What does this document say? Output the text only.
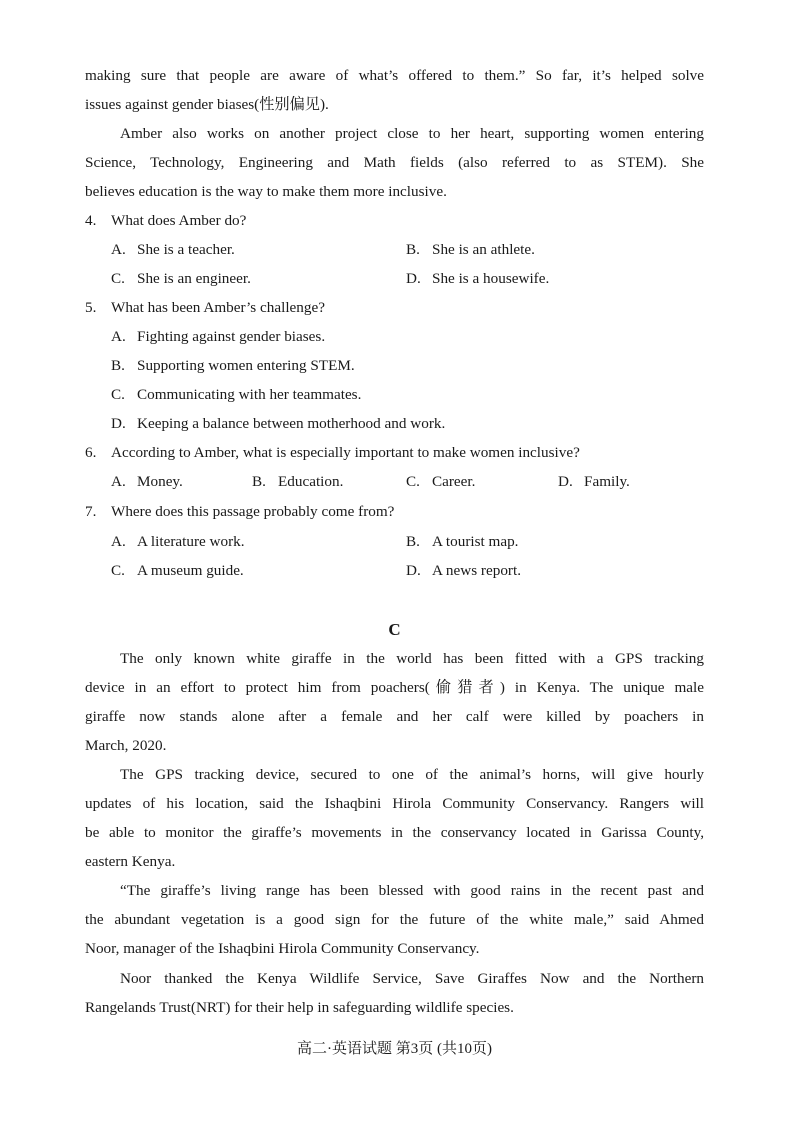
making sure that people are aware of what’s offered to them.” So far, it’s helped solve
issues against gender biases(性别偏见).
Amber also works on another project close to her heart, supporting women entering
Science, Technology, Engineering and Math fields (also referred to as STEM). She
believes education is the way to make them more inclusive.
4. What does Amber do?
A. She is a teacher.	B. She is an athlete.
C. She is an engineer.	D. She is a housewife.
5. What has been Amber’s challenge?
A. Fighting against gender biases.
B. Supporting women entering STEM.
C. Communicating with her teammates.
D. Keeping a balance between motherhood and work.
6. According to Amber, what is especially important to make women inclusive?
A. Money.	B. Education.	C. Career.	D. Family.
7. Where does this passage probably come from?
A. A literature work.	B. A tourist map.
C. A museum guide.	D. A news report.
C
The only known white giraffe in the world has been fitted with a GPS tracking
device in an effort to protect him from poachers(偷猎者) in Kenya. The unique male
giraffe now stands alone after a female and her calf were killed by poachers in
March, 2020.
The GPS tracking device, secured to one of the animal’s horns, will give hourly
updates of his location, said the Ishaqbini Hirola Community Conservancy. Rangers will
be able to monitor the giraffe’s movements in the conservancy located in Garissa County,
eastern Kenya.
“The giraffe’s living range has been blessed with good rains in the recent past and
the abundant vegetation is a good sign for the future of the white male,” said Ahmed
Noor, manager of the Ishaqbini Hirola Community Conservancy.
Noor thanked the Kenya Wildlife Service, Save Giraffes Now and the Northern
Rangelands Trust(NRT) for their help in safeguarding wildlife species.
高二·英语试题 第3页 (共10页)
